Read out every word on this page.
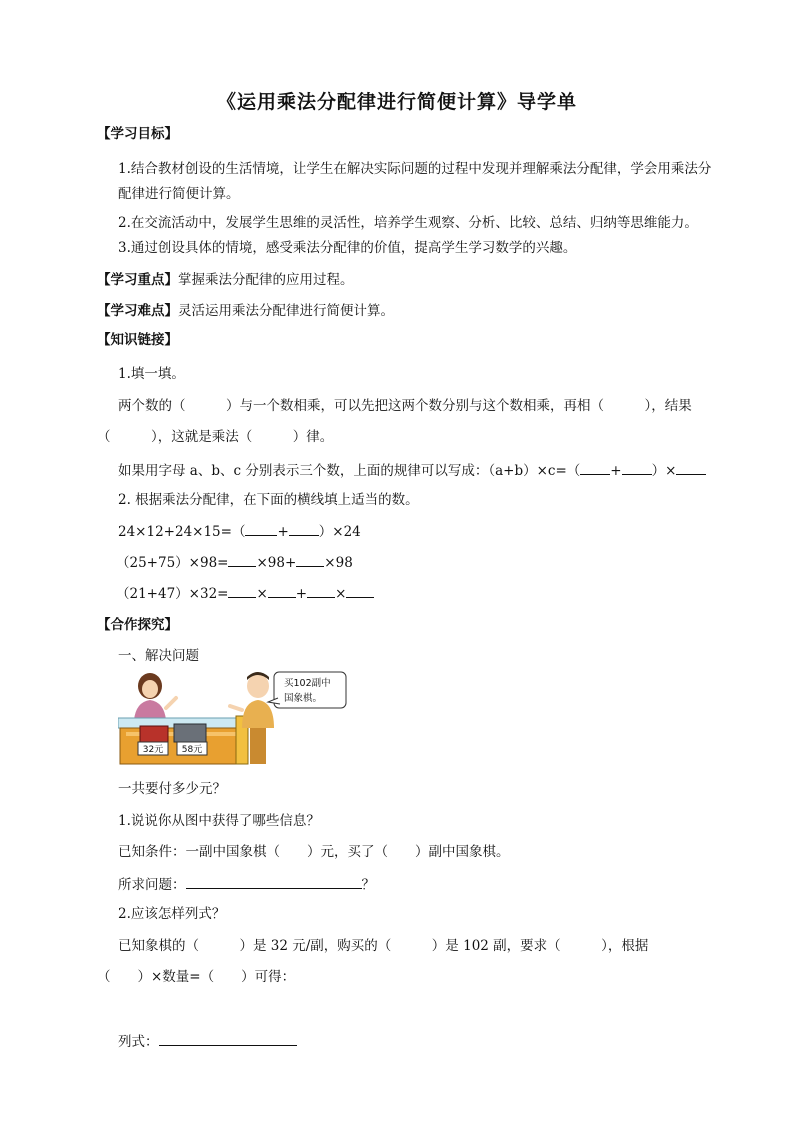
《运用乘法分配律进行简便计算》导学单
【学习目标】
1.结合教材创设的生活情境，让学生在解决实际问题的过程中发现并理解乘法分配律，学会用乘法分
配律进行简便计算。
2.在交流活动中，发展学生思维的灵活性，培养学生观察、分析、比较、总结、归纳等思维能力。
3.通过创设具体的情境，感受乘法分配律的价值，提高学生学习数学的兴趣。
【学习重点】掌握乘法分配律的应用过程。
【学习难点】灵活运用乘法分配律进行简便计算。
【知识链接】
1.填一填。
两个数的（　　　）与一个数相乘，可以先把这两个数分别与这个数相乘，再相（　　　），结果
（　　　），这就是乘法（　　　）律。
如果用字母 a、b、c 分别表示三个数，上面的规律可以写成：（a+b）×c=（ + ）×
2. 根据乘法分配律，在下面的横线填上适当的数。
24×12+24×15=（ + ）×24
（25+75）×98= ×98+ ×98
（21+47）×32= × + ×
【合作探究】
一、解决问题
32元 58元
买102副中
国象棋。
一共要付多少元？
1.说说你从图中获得了哪些信息？
已知条件：一副中国象棋（　　）元，买了（　　）副中国象棋。
所求问题：	？
2.应该怎样列式？
已知象棋的（　　　）是 32 元/副，购买的（　　　）是 102 副，要求（　　　），根据
（　　）×数量=（　　）可得：
列式：
